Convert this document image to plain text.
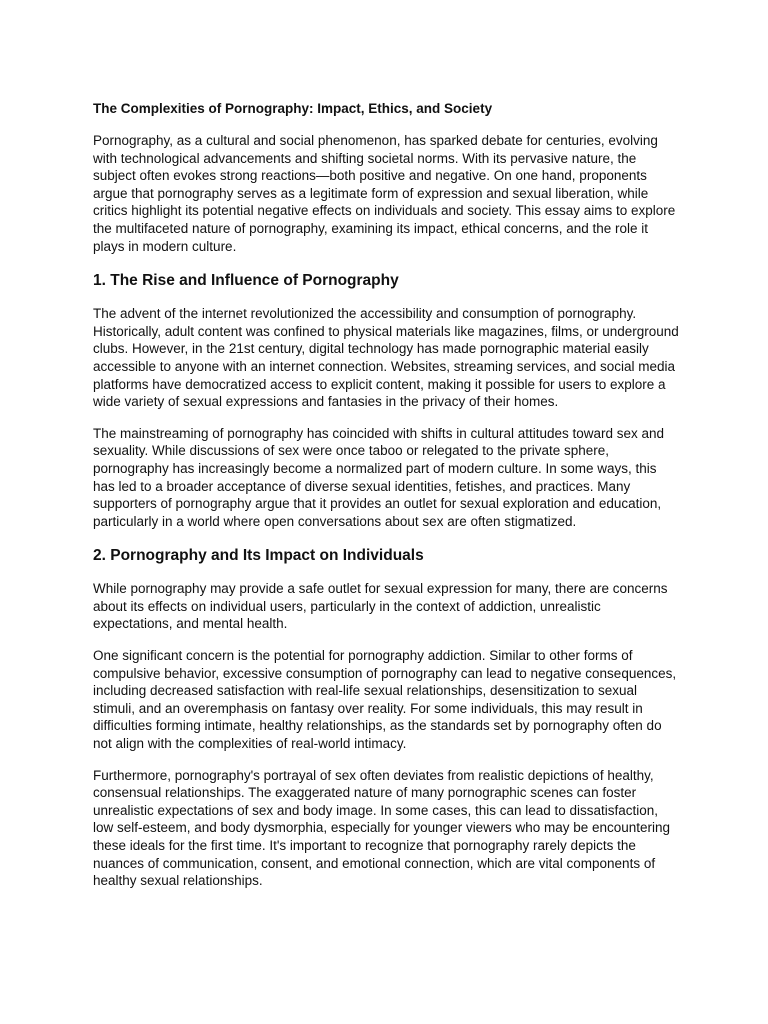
The Complexities of Pornography: Impact, Ethics, and Society

Pornography, as a cultural and social phenomenon, has sparked debate for centuries, evolving with technological advancements and shifting societal norms. With its pervasive nature, the subject often evokes strong reactions—both positive and negative. On one hand, proponents argue that pornography serves as a legitimate form of expression and sexual liberation, while critics highlight its potential negative effects on individuals and society. This essay aims to explore the multifaceted nature of pornography, examining its impact, ethical concerns, and the role it plays in modern culture.

1. The Rise and Influence of Pornography

The advent of the internet revolutionized the accessibility and consumption of pornography. Historically, adult content was confined to physical materials like magazines, films, or underground clubs. However, in the 21st century, digital technology has made pornographic material easily accessible to anyone with an internet connection. Websites, streaming services, and social media platforms have democratized access to explicit content, making it possible for users to explore a wide variety of sexual expressions and fantasies in the privacy of their homes.

The mainstreaming of pornography has coincided with shifts in cultural attitudes toward sex and sexuality. While discussions of sex were once taboo or relegated to the private sphere, pornography has increasingly become a normalized part of modern culture. In some ways, this has led to a broader acceptance of diverse sexual identities, fetishes, and practices. Many supporters of pornography argue that it provides an outlet for sexual exploration and education, particularly in a world where open conversations about sex are often stigmatized.

2. Pornography and Its Impact on Individuals

While pornography may provide a safe outlet for sexual expression for many, there are concerns about its effects on individual users, particularly in the context of addiction, unrealistic expectations, and mental health.

One significant concern is the potential for pornography addiction. Similar to other forms of compulsive behavior, excessive consumption of pornography can lead to negative consequences, including decreased satisfaction with real-life sexual relationships, desensitization to sexual stimuli, and an overemphasis on fantasy over reality. For some individuals, this may result in difficulties forming intimate, healthy relationships, as the standards set by pornography often do not align with the complexities of real-world intimacy.

Furthermore, pornography's portrayal of sex often deviates from realistic depictions of healthy, consensual relationships. The exaggerated nature of many pornographic scenes can foster unrealistic expectations of sex and body image. In some cases, this can lead to dissatisfaction, low self-esteem, and body dysmorphia, especially for younger viewers who may be encountering these ideals for the first time. It's important to recognize that pornography rarely depicts the nuances of communication, consent, and emotional connection, which are vital components of healthy sexual relationships.
